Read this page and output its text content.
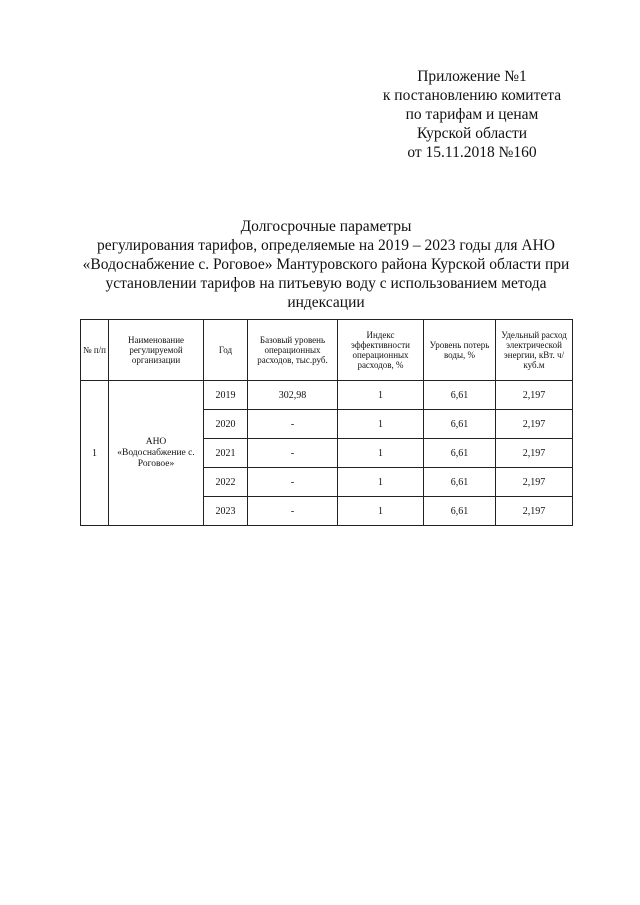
Приложение №1
к постановлению комитета
по тарифам и ценам
Курской области
от 15.11.2018 №160
Долгосрочные параметры
регулирования тарифов, определяемые на 2019 – 2023 годы для АНО
«Водоснабжение с. Роговое» Мантуровского района Курской области при
установлении тарифов на питьевую воду с использованием метода
индексации
№ п/п	Наименование регулируемой организации	Год	Базовый уровень операционных расходов, тыс.руб.	Индекс эффективности операционных расходов, %	Уровень потерь воды, %	Удельный расход электрической энергии, кВт. ч/куб.м
1	АНО «Водоснабжение с. Роговое»	2019	302,98	1	6,61	2,197
		2020	-	1	6,61	2,197
		2021	-	1	6,61	2,197
		2022	-	1	6,61	2,197
		2023	-	1	6,61	2,197
